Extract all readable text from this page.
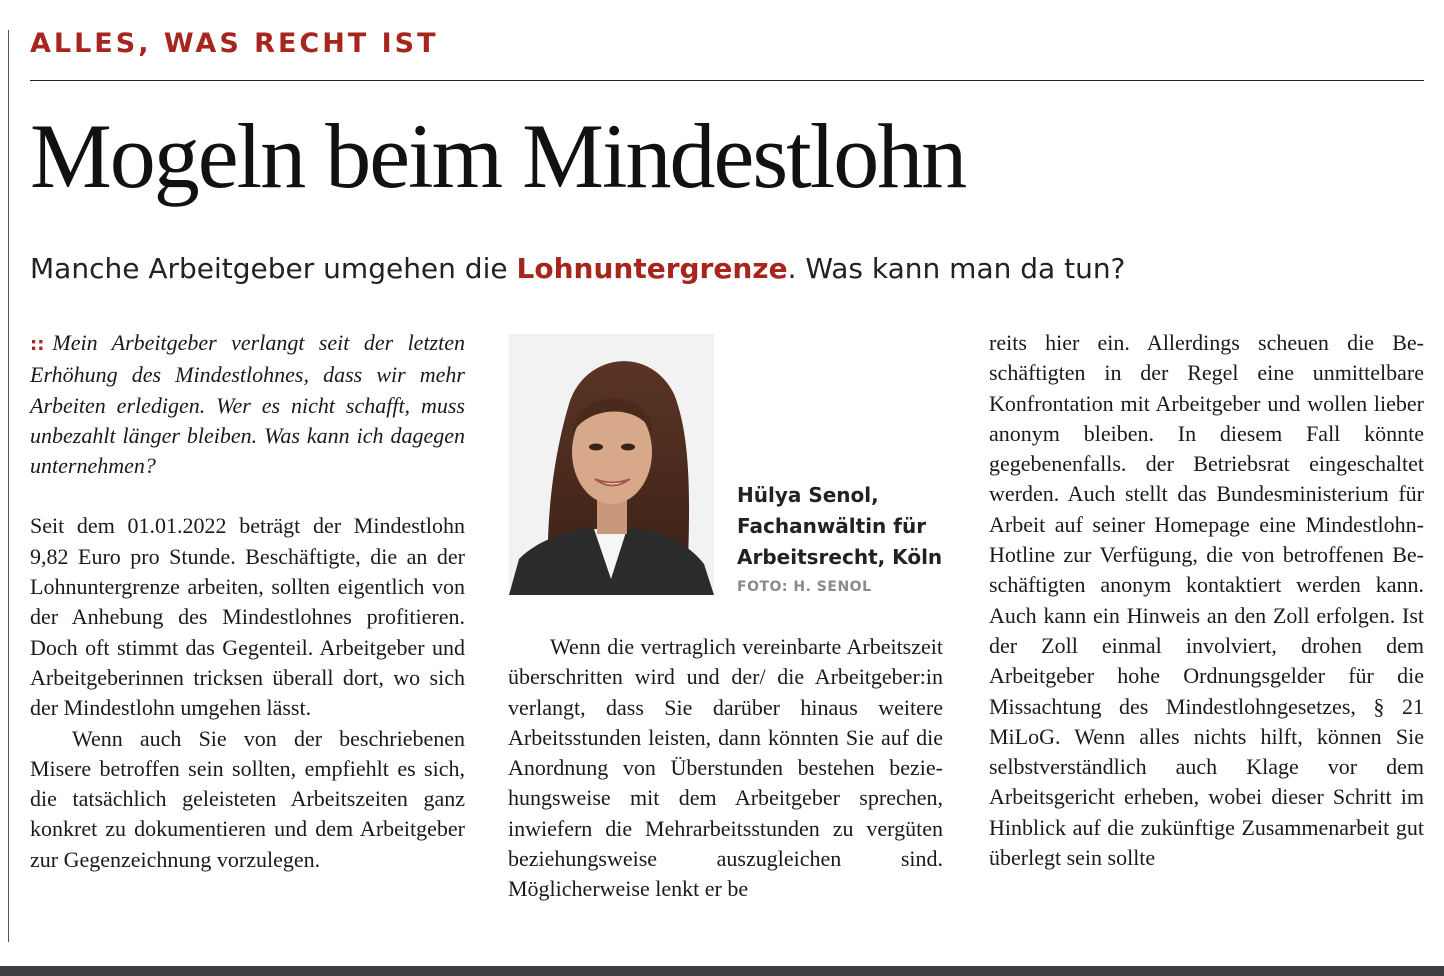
ALLES, WAS RECHT IST
Mogeln beim Mindestlohn
Manche Arbeitgeber umgehen die Lohnuntergrenze. Was kann man da tun?

:: Mein Arbeitgeber verlangt seit der letzten Erhöhung des Mindestlohnes, dass wir mehr Arbeiten erledigen. Wer es nicht schafft, muss unbezahlt länger bleiben. Was kann ich dagegen unternehmen?

Seit dem 01.01.2022 beträgt der Mindestlohn 9,82 Euro pro Stunde. Beschäftigte, die an der Lohnuntergrenze arbeiten, sollten eigentlich von der Anhebung des Mindestlohnes profitieren. Doch oft stimmt das Gegenteil. Arbeitgeber und Arbeitgeberinnen tricksen überall dort, wo sich der Mindestlohn umgehen lässt.

Wenn auch Sie von der beschriebenen Misere betroffen sein sollten, empfiehlt es sich, die tatsächlich geleisteten Arbeitszeiten ganz konkret zu dokumentieren und dem Arbeitgeber zur Gegenzeichnung vorzulegen.

Hülya Senol,
Fachanwältin für
Arbeitsrecht, Köln
FOTO: H. SENOL

Wenn die vertraglich vereinbarte Arbeitszeit überschritten wird und der/ die Arbeitgeber:in verlangt, dass Sie darüber hinaus weitere Arbeitsstunden leisten, dann könnten Sie auf die Anordnung von Überstunden bestehen beziehungsweise mit dem Arbeitgeber sprechen, inwiefern die Mehrarbeitsstunden zu vergüten beziehungsweise auszugleichen sind. Möglicherweise lenkt er be

reits hier ein. Allerdings scheuen die Beschäftigten in der Regel eine unmittelbare Konfrontation mit Arbeitgeber und wollen lieber anonym bleiben. In diesem Fall könnte gegebenenfalls. der Betriebsrat eingeschaltet werden. Auch stellt das Bundesministerium für Arbeit auf seiner Homepage eine Mindestlohn-Hotline zur Verfügung, die von betroffenen Beschäftigten anonym kontaktiert werden kann. Auch kann ein Hinweis an den Zoll erfolgen. Ist der Zoll einmal involviert, drohen dem Arbeitgeber hohe Ordnungsgelder für die Missachtung des Mindestlohngesetzes, § 21 MiLoG. Wenn alles nichts hilft, können Sie selbstverständlich auch Klage vor dem Arbeitsgericht erheben, wobei dieser Schritt im Hinblick auf die zukünftige Zusammenarbeit gut überlegt sein sollte
